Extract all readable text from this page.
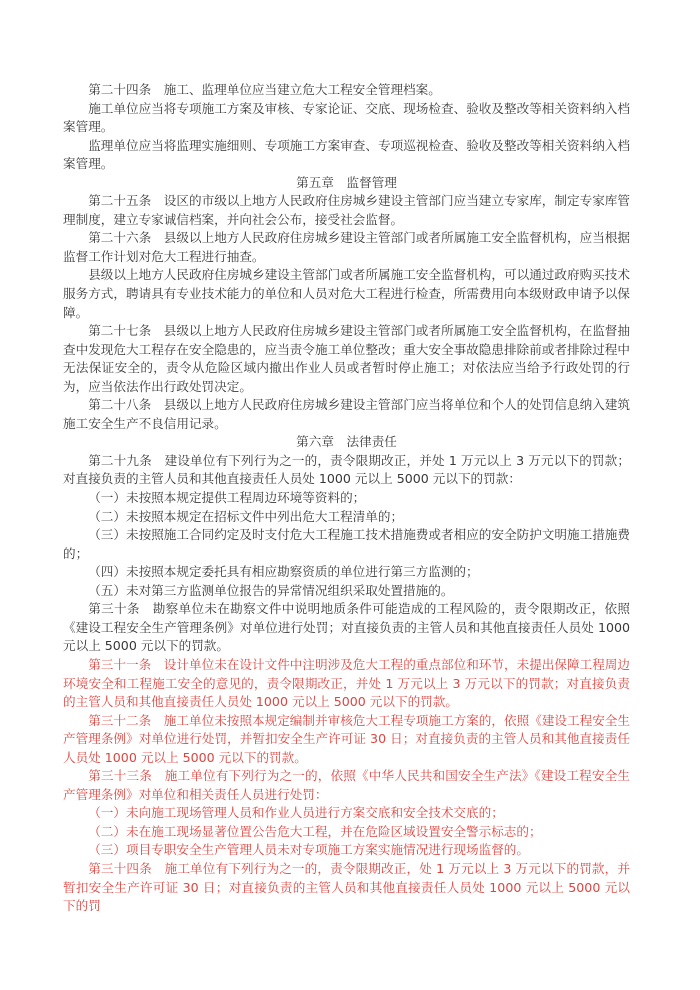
第二十四条　施工、监理单位应当建立危大工程安全管理档案。

施工单位应当将专项施工方案及审核、专家论证、交底、现场检查、验收及整改等相关资料纳入档案管理。

监理单位应当将监理实施细则、专项施工方案审查、专项巡视检查、验收及整改等相关资料纳入档案管理。

第五章　监督管理

第二十五条　设区的市级以上地方人民政府住房城乡建设主管部门应当建立专家库，制定专家库管理制度，建立专家诚信档案，并向社会公布，接受社会监督。

第二十六条　县级以上地方人民政府住房城乡建设主管部门或者所属施工安全监督机构，应当根据监督工作计划对危大工程进行抽查。

县级以上地方人民政府住房城乡建设主管部门或者所属施工安全监督机构，可以通过政府购买技术服务方式，聘请具有专业技术能力的单位和人员对危大工程进行检查，所需费用向本级财政申请予以保障。

第二十七条　县级以上地方人民政府住房城乡建设主管部门或者所属施工安全监督机构，在监督抽查中发现危大工程存在安全隐患的，应当责令施工单位整改；重大安全事故隐患排除前或者排除过程中无法保证安全的，责令从危险区域内撤出作业人员或者暂时停止施工；对依法应当给予行政处罚的行为，应当依法作出行政处罚决定。

第二十八条　县级以上地方人民政府住房城乡建设主管部门应当将单位和个人的处罚信息纳入建筑施工安全生产不良信用记录。

第六章　法律责任

第二十九条　建设单位有下列行为之一的，责令限期改正，并处 1 万元以上 3 万元以下的罚款；对直接负责的主管人员和其他直接责任人员处 1000 元以上 5000 元以下的罚款：

（一）未按照本规定提供工程周边环境等资料的；

（二）未按照本规定在招标文件中列出危大工程清单的；

（三）未按照施工合同约定及时支付危大工程施工技术措施费或者相应的安全防护文明施工措施费的；

（四）未按照本规定委托具有相应勘察资质的单位进行第三方监测的；

（五）未对第三方监测单位报告的异常情况组织采取处置措施的。

第三十条　勘察单位未在勘察文件中说明地质条件可能造成的工程风险的，责令限期改正，依照《建设工程安全生产管理条例》对单位进行处罚；对直接负责的主管人员和其他直接责任人员处 1000 元以上 5000 元以下的罚款。

第三十一条　设计单位未在设计文件中注明涉及危大工程的重点部位和环节，未提出保障工程周边环境安全和工程施工安全的意见的，责令限期改正，并处 1 万元以上 3 万元以下的罚款；对直接负责的主管人员和其他直接责任人员处 1000 元以上 5000 元以下的罚款。

第三十二条　施工单位未按照本规定编制并审核危大工程专项施工方案的，依照《建设工程安全生产管理条例》对单位进行处罚，并暂扣安全生产许可证 30 日；对直接负责的主管人员和其他直接责任人员处 1000 元以上 5000 元以下的罚款。

第三十三条　施工单位有下列行为之一的，依照《中华人民共和国安全生产法》《建设工程安全生产管理条例》对单位和相关责任人员进行处罚：

（一）未向施工现场管理人员和作业人员进行方案交底和安全技术交底的；

（二）未在施工现场显著位置公告危大工程，并在危险区域设置安全警示标志的；

（三）项目专职安全生产管理人员未对专项施工方案实施情况进行现场监督的。

第三十四条　施工单位有下列行为之一的，责令限期改正，处 1 万元以上 3 万元以下的罚款，并暂扣安全生产许可证 30 日；对直接负责的主管人员和其他直接责任人员处 1000 元以上 5000 元以下的罚
